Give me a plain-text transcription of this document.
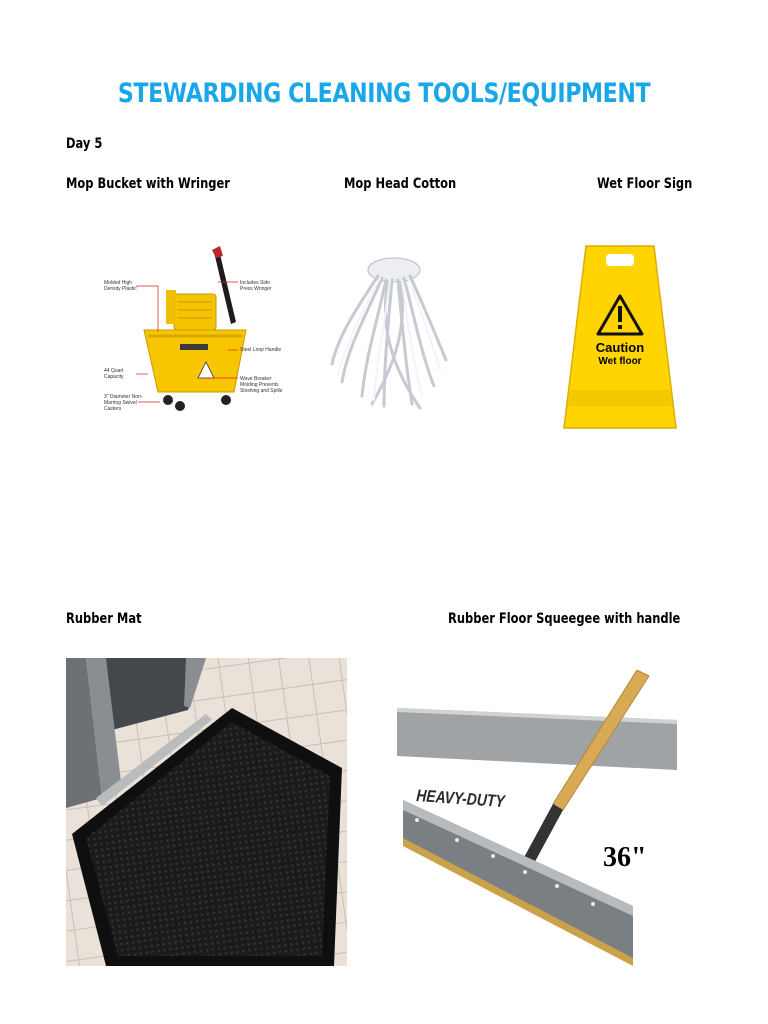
STEWARDING CLEANING TOOLS/EQUIPMENT
Day 5
Mop Bucket with Wringer	Mop Head Cotton	Wet Floor Sign
Molded High Density Plastic
Includes Side Press Wringer
Steel Loop Handle
44 Quart Capacity	Wave Breaker Molding Prevents Sloshing and Spills
3" Diameter Non-Marring Swivel Casters
Caution
Wet floor
Rubber Mat	Rubber Floor Squeegee with handle
HEAVY-DUTY
36"
